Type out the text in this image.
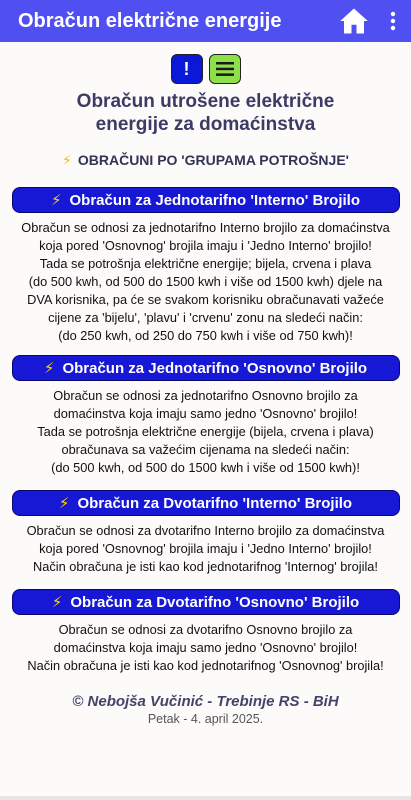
Obračun električne energije
!
Obračun utrošene električne
energije za domaćinstva
⚡ OBRAČUNI PO 'GRUPAMA POTROŠNJE'
⚡ Obračun za Jednotarifno 'Interno' Brojilo
Obračun se odnosi za jednotarifno Interno brojilo za domaćinstva
koja pored 'Osnovnog' brojila imaju i 'Jedno Interno' brojilo!
Tada se potrošnja električne energije; bijela, crvena i plava
(do 500 kwh, od 500 do 1500 kwh i više od 1500 kwh) djele na
DVA korisnika, pa će se svakom korisniku obračunavati važeće
cijene za 'bijelu', 'plavu' i 'crvenu' zonu na sledeći način:
(do 250 kwh, od 250 do 750 kwh i više od 750 kwh)!
⚡ Obračun za Jednotarifno 'Osnovno' Brojilo
Obračun se odnosi za jednotarifno Osnovno brojilo za
domaćinstva koja imaju samo jedno 'Osnovno' brojilo!
Tada se potrošnja električne energije (bijela, crvena i plava)
obračunava sa važećim cijenama na sledeći način:
(do 500 kwh, od 500 do 1500 kwh i više od 1500 kwh)!
⚡ Obračun za Dvotarifno 'Interno' Brojilo
Obračun se odnosi za dvotarifno Interno brojilo za domaćinstva
koja pored 'Osnovnog' brojila imaju i 'Jedno Interno' brojilo!
Način obračuna je isti kao kod jednotarifnog 'Internog' brojila!
⚡ Obračun za Dvotarifno 'Osnovno' Brojilo
Obračun se odnosi za dvotarifno Osnovno brojilo za
domaćinstva koja imaju samo jedno 'Osnovno' brojilo!
Način obračuna je isti kao kod jednotarifnog 'Osnovnog' brojila!
© Nebojša Vučinić - Trebinje RS - BiH
Petak - 4. april 2025.
